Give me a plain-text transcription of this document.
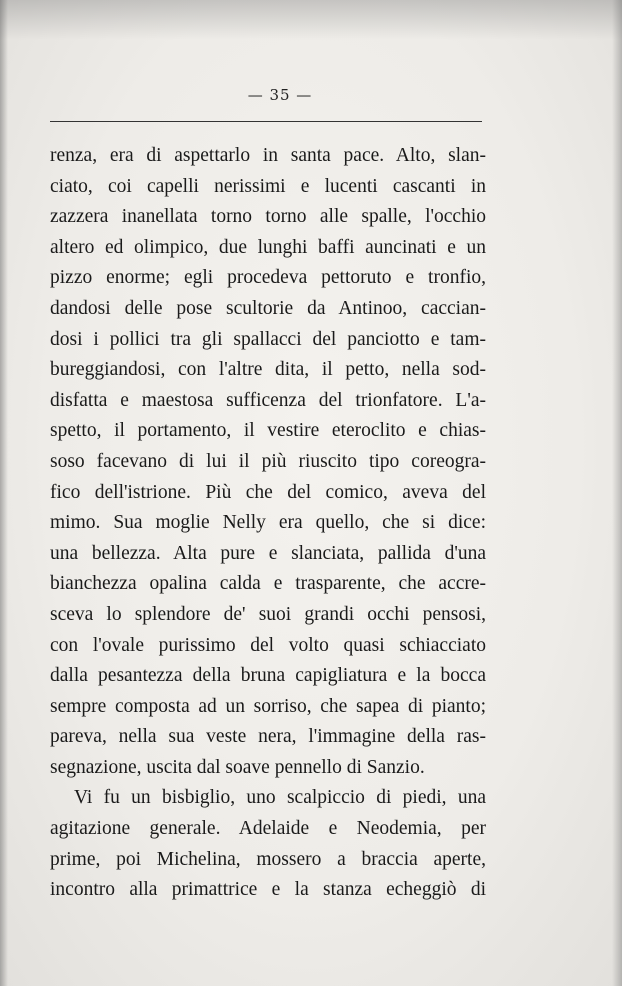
— 35 —
renza, era di aspettarlo in santa pace. Alto, slan-
ciato, coi capelli nerissimi e lucenti cascanti in
zazzera inanellata torno torno alle spalle, l'occhio
altero ed olimpico, due lunghi baffi auncinati e un
pizzo enorme; egli procedeva pettoruto e tronfio,
dandosi delle pose scultorie da Antinoo, caccian-
dosi i pollici tra gli spallacci del panciotto e tam-
bureggiandosi, con l'altre dita, il petto, nella sod-
disfatta e maestosa sufficenza del trionfatore. L'a-
spetto, il portamento, il vestire eteroclito e chias-
soso facevano di lui il più riuscito tipo coreogra-
fico dell'istrione. Più che del comico, aveva del
mimo. Sua moglie Nelly era quello, che si dice:
una bellezza. Alta pure e slanciata, pallida d'una
bianchezza opalina calda e trasparente, che accre-
sceva lo splendore de' suoi grandi occhi pensosi,
con l'ovale purissimo del volto quasi schiacciato
dalla pesantezza della bruna capigliatura e la bocca
sempre composta ad un sorriso, che sapea di pianto;
pareva, nella sua veste nera, l'immagine della ras-
segnazione, uscita dal soave pennello di Sanzio.
Vi fu un bisbiglio, uno scalpiccio di piedi, una
agitazione generale. Adelaide e Neodemia, per
prime, poi Michelina, mossero a braccia aperte,
incontro alla primattrice e la stanza echeggiò di
